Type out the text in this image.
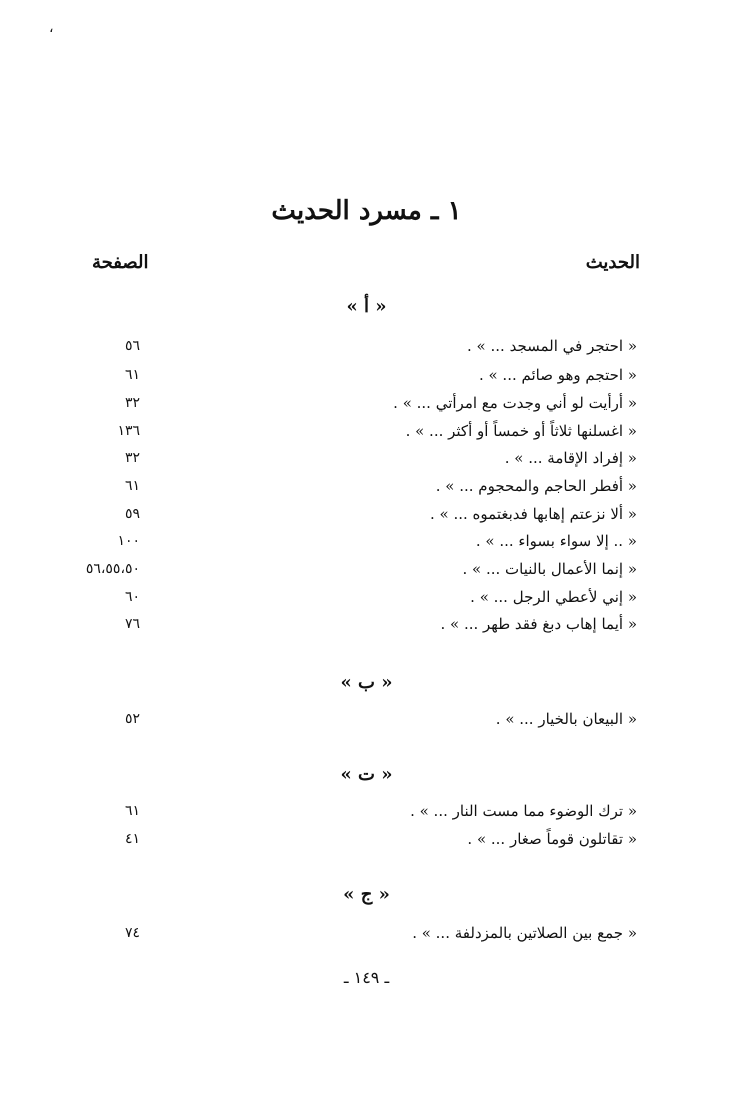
،
١ ـ مسرد الحديث
الحديث
الصفحة
« أ »
« احتجر في المسجد ... » .
٥٦
« احتجم وهو صائم ... » .
٦١
« أرأيت لو أني وجدت مع امرأتي ... » .
٣٢
« اغسلنها ثلاثاً أو خمساً أو أكثر ... » .
١٣٦
« إفراد الإقامة ... » .
٣٢
« أفطر الحاجم والمحجوم ... » .
٦١
« ألا نزعتم إهابها فدبغتموه ... » .
٥٩
« .. إلا سواء بسواء ... » .
١٠٠
« إنما الأعمال بالنيات ... » .
٥٦،٥٥،٥٠
« إني لأعطي الرجل ... » .
٦٠
« أيما إهاب دبغ فقد طهر ... » .
٧٦
« ب »
« البيعان بالخيار ... » .
٥٢
« ت »
« ترك الوضوء مما مست النار ... » .
٦١
« تقاتلون قوماً صغار ... » .
٤١
« ج »
« جمع بين الصلاتين بالمزدلفة ... » .
٧٤
ـ ١٤٩ ـ
